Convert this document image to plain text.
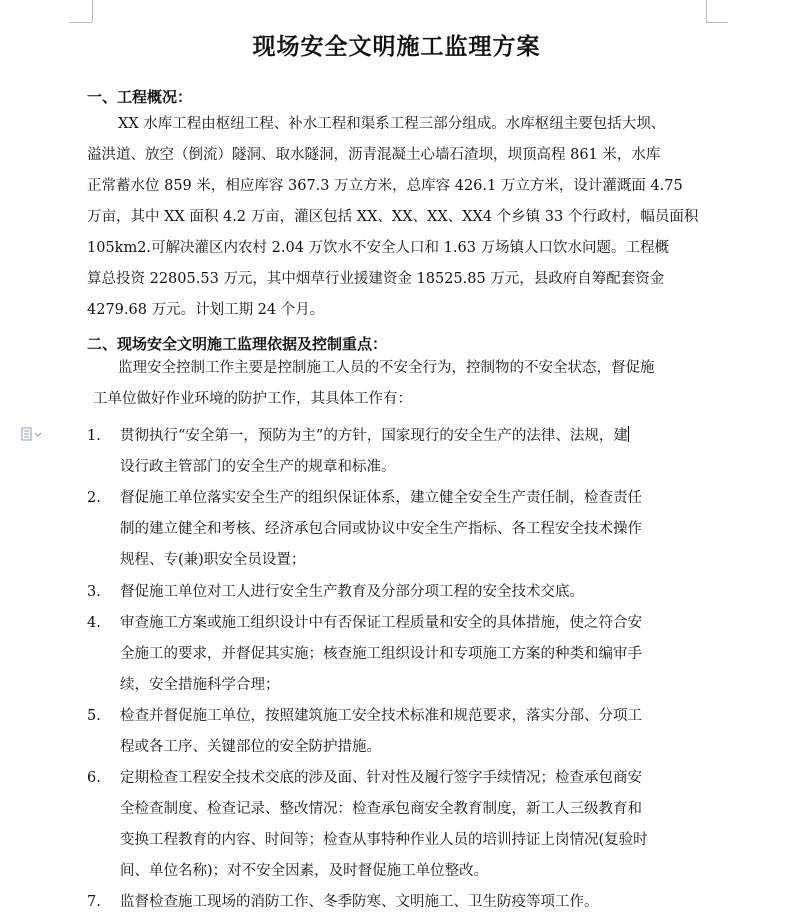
现场安全文明施工监理方案
一、工程概况：
XX 水库工程由枢纽工程、补水工程和渠系工程三部分组成。水库枢纽主要包括大坝、
溢洪道、放空（倒流）隧洞、取水隧洞，沥青混凝土心墙石渣坝，坝顶高程 861 米，水库
正常蓄水位 859 米，相应库容 367.3 万立方米，总库容 426.1 万立方米，设计灌溉面 4.75
万亩，其中 XX 面积 4.2 万亩，灌区包括 XX、XX、XX、XX4 个乡镇 33 个行政村，幅员面积
105km2.可解决灌区内农村 2.04 万饮水不安全人口和 1.63 万场镇人口饮水问题。工程概
算总投资 22805.53 万元，其中烟草行业援建资金 18525.85 万元，县政府自筹配套资金
4279.68 万元。计划工期 24 个月。
二、现场安全文明施工监理依据及控制重点：
监理安全控制工作主要是控制施工人员的不安全行为，控制物的不安全状态，督促施
工单位做好作业环境的防护工作，其具体工作有：
1.	贯彻执行“安全第一，预防为主”的方针，国家现行的安全生产的法律、法规，建
设行政主管部门的安全生产的规章和标准。
2.	督促施工单位落实安全生产的组织保证体系，建立健全安全生产责任制，检查责任
制的建立健全和考核、经济承包合同或协议中安全生产指标、各工程安全技术操作
规程、专(兼)职安全员设置；
3.	督促施工单位对工人进行安全生产教育及分部分项工程的安全技术交底。
4.	审查施工方案或施工组织设计中有否保证工程质量和安全的具体措施，使之符合安
全施工的要求，并督促其实施；核查施工组织设计和专项施工方案的种类和编审手
续，安全措施科学合理；
5.	检查并督促施工单位，按照建筑施工安全技术标准和规范要求，落实分部、分项工
程或各工序、关键部位的安全防护措施。
6.	定期检查工程安全技术交底的涉及面、针对性及履行签字手续情况；检查承包商安
全检查制度、检查记录、整改情况：检查承包商安全教育制度，新工人三级教育和
变换工程教育的内容、时间等；检查从事特种作业人员的培训持证上岗情况(复验时
间、单位名称)；对不安全因素，及时督促施工单位整改。
7.	监督检查施工现场的消防工作、冬季防寒、文明施工、卫生防疫等项工作。
